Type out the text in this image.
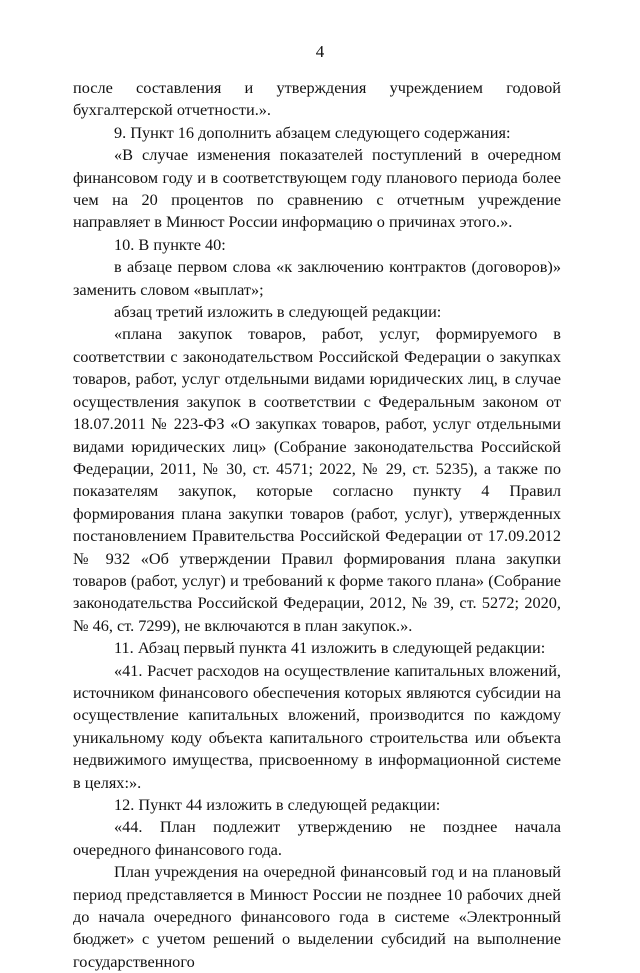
4

после составления и утверждения учреждением годовой бухгалтерской отчетности.».

9. Пункт 16 дополнить абзацем следующего содержания:

«В случае изменения показателей поступлений в очередном финансовом году и в соответствующем году планового периода более чем на 20 процентов по сравнению с отчетным учреждение направляет в Минюст России информацию о причинах этого.».

10. В пункте 40:

в абзаце первом слова «к заключению контрактов (договоров)» заменить словом «выплат»;

абзац третий изложить в следующей редакции:

«плана закупок товаров, работ, услуг, формируемого в соответствии с законодательством Российской Федерации о закупках товаров, работ, услуг отдельными видами юридических лиц, в случае осуществления закупок в соответствии с Федеральным законом от 18.07.2011 № 223-ФЗ «О закупках товаров, работ, услуг отдельными видами юридических лиц» (Собрание законодательства Российской Федерации, 2011, № 30, ст. 4571; 2022, № 29, ст. 5235), а также по показателям закупок, которые согласно пункту 4 Правил формирования плана закупки товаров (работ, услуг), утвержденных постановлением Правительства Российской Федерации от 17.09.2012 № 932 «Об утверждении Правил формирования плана закупки товаров (работ, услуг) и требований к форме такого плана» (Собрание законодательства Российской Федерации, 2012, № 39, ст. 5272; 2020, № 46, ст. 7299), не включаются в план закупок.».

11. Абзац первый пункта 41 изложить в следующей редакции:

«41. Расчет расходов на осуществление капитальных вложений, источником финансового обеспечения которых являются субсидии на осуществление капитальных вложений, производится по каждому уникальному коду объекта капитального строительства или объекта недвижимого имущества, присвоенному в информационной системе в целях:».

12. Пункт 44 изложить в следующей редакции:

«44. План подлежит утверждению не позднее начала очередного финансового года.

План учреждения на очередной финансовый год и на плановый период представляется в Минюст России не позднее 10 рабочих дней до начала очередного финансового года в системе «Электронный бюджет» с учетом решений о выделении субсидий на выполнение государственного
